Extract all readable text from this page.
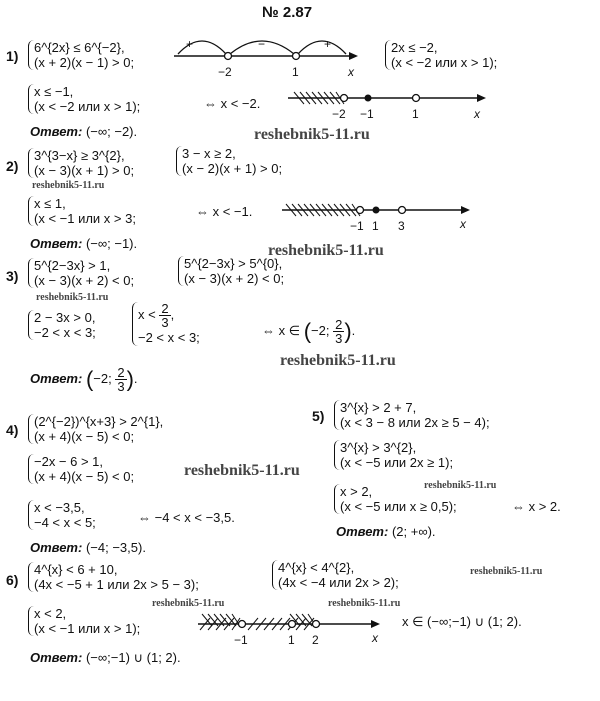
№ 2.87
1)
6^{2x} ≤ 6^{−2},
(x + 2)(x − 1) > 0;
+	−	+
−2	1	x
2x ≤ −2,
(x < −2 или x > 1);
x ≤ −1,
(x < −2 или x > 1);	⇔ x < −2.
−2 −1	1	x
Ответ: (−∞; −2).	reshebnik5-11.ru
2)
3^{3−x} ≥ 3^{2},
(x − 3)(x + 1) > 0;
3 − x ≥ 2,
(x − 2)(x + 1) > 0;
reshebnik5-11.ru
x ≤ 1,
(x < −1 или x > 3;	⇔ x < −1.
−1 1 3	x
Ответ: (−∞; −1).	reshebnik5-11.ru
3)
5^{2−3x} > 1,
(x − 3)(x + 2) < 0;
5^{2−3x} > 5^{0},
(x − 3)(x + 2) < 0;
reshebnik5-11.ru
2 − 3x > 0,
−2 < x < 3;
$x < \frac{2}{3}$ ,
−2 < x < 3;	⇔ x ∈ (−2; $\frac{2}{3}$ ).
reshebnik5-11.ru
Ответ: (−2; $\frac{2}{3}$ ).
4)
(2^{−2})^{x+3} > 2^{1},
(x + 4)(x − 5) < 0;
−2x − 6 > 1,
(x + 4)(x − 5) < 0;	reshebnik5-11.ru
x < −3,5,
−4 < x < 5;	⇔ −4 < x < −3,5.
Ответ: (−4; −3,5).
5)
3^{x} > 2 + 7,
(x < 3 − 8 или 2x ≥ 5 − 4);
3^{x} > 3^{2},
(x < −5 или 2x ≥ 1);
reshebnik5-11.ru
x > 2,
(x < −5 или x ≥ 0,5);	⇔ x > 2.
Ответ: (2; +∞).
6)
4^{x} < 6 + 10,
(4x < −5 + 1 или 2x > 5 − 3);
4^{x} < 4^{2},
(4x < −4 или 2x > 2);
reshebnik5-11.ru
reshebnik5-11.ru	reshebnik5-11.ru
x < 2,
(x < −1 или x > 1);
−1	1 2	x
x ∈ (−∞;−1) ∪ (1; 2).
Ответ: (−∞;−1) ∪ (1; 2).
